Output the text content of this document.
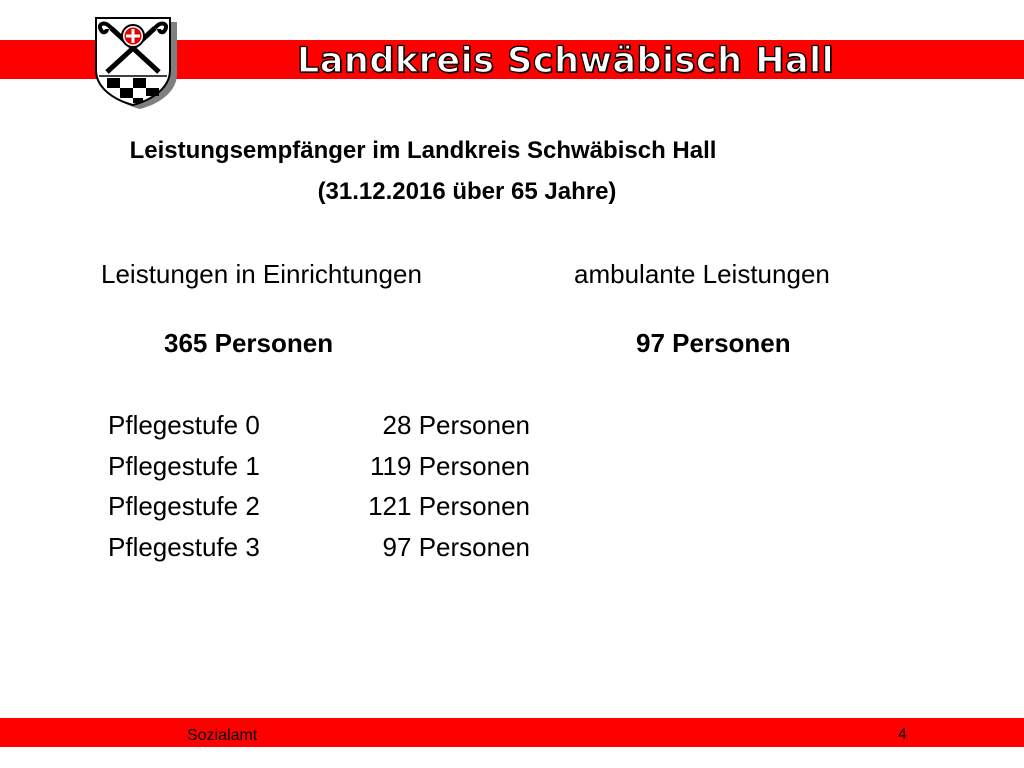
Landkreis Schwäbisch Hall
Leistungsempfänger im Landkreis Schwäbisch Hall
(31.12.2016 über 65 Jahre)
Leistungen in Einrichtungen	ambulante Leistungen
365 Personen	97 Personen
Pflegestufe 0	28 Personen
Pflegestufe 1	119 Personen
Pflegestufe 2	121 Personen
Pflegestufe 3	97 Personen
Sozialamt	4
